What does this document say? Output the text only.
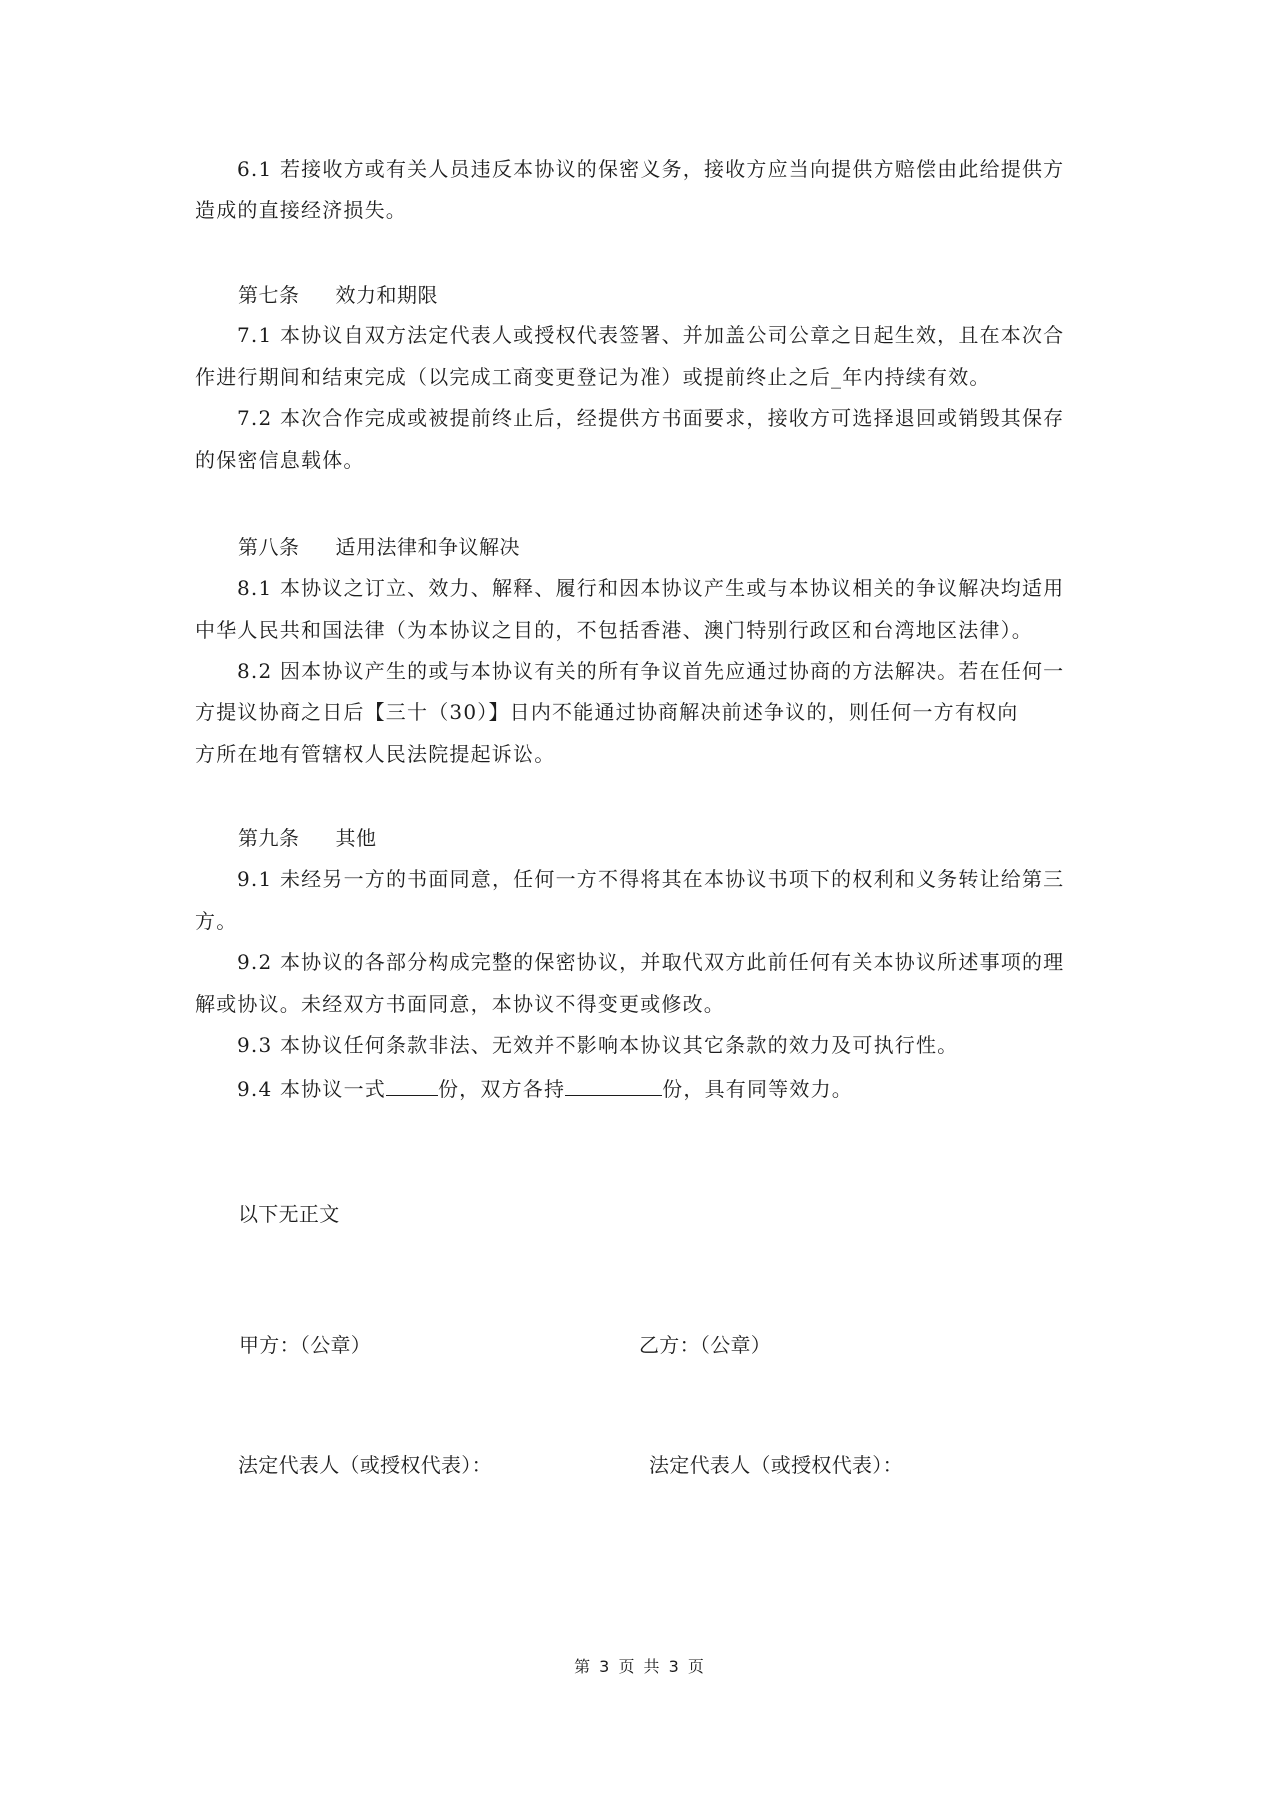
6.1 若接收方或有关人员违反本协议的保密义务，接收方应当向提供方赔偿由此给提供方
造成的直接经济损失。
第七条 效力和期限
7.1 本协议自双方法定代表人或授权代表签署、并加盖公司公章之日起生效，且在本次合
作进行期间和结束完成（以完成工商变更登记为准）或提前终止之后_年内持续有效。
7.2 本次合作完成或被提前终止后，经提供方书面要求，接收方可选择退回或销毁其保存
的保密信息载体。
第八条 适用法律和争议解决
8.1 本协议之订立、效力、解释、履行和因本协议产生或与本协议相关的争议解决均适用
中华人民共和国法律（为本协议之目的，不包括香港、澳门特别行政区和台湾地区法律）。
8.2 因本协议产生的或与本协议有关的所有争议首先应通过协商的方法解决。若在任何一
方提议协商之日后【三十（30）】日内不能通过协商解决前述争议的，则任何一方有权向
方所在地有管辖权人民法院提起诉讼。
第九条 其他
9.1 未经另一方的书面同意，任何一方不得将其在本协议书项下的权利和义务转让给第三
方。
9.2 本协议的各部分构成完整的保密协议，并取代双方此前任何有关本协议所述事项的理
解或协议。未经双方书面同意，本协议不得变更或修改。
9.3 本协议任何条款非法、无效并不影响本协议其它条款的效力及可执行性。
9.4 本协议一式	份，双方各持	份，具有同等效力。
以下无正文
甲方：（公章）	乙方：（公章）
法定代表人（或授权代表）：	法定代表人（或授权代表）：
第 3 页 共 3 页
